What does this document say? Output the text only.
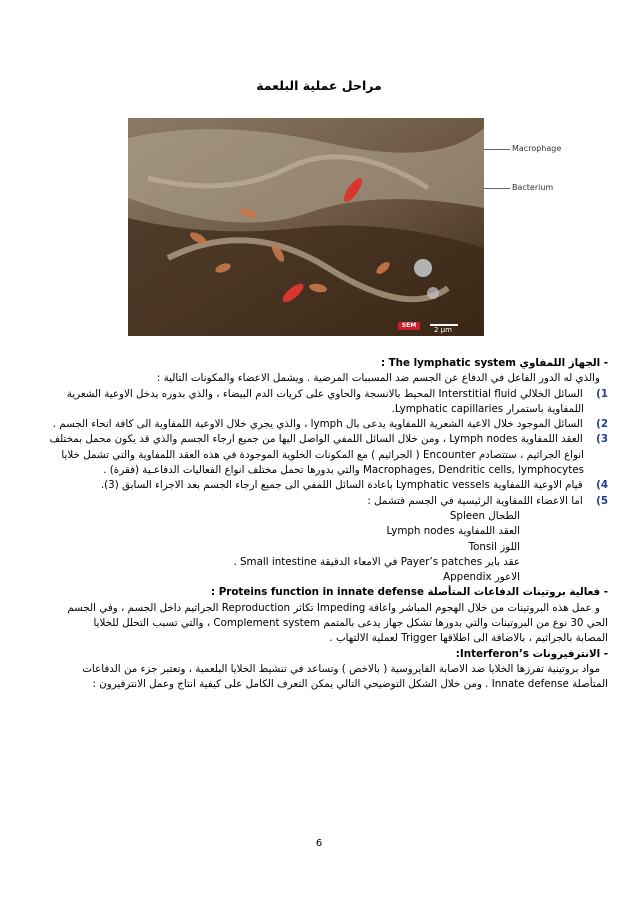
مراحل عملية البلعمة
SEM
2 μm
Macrophage
Bacterium
- الجهاز اللمفاوي The lymphatic system :
والذي له الدور الفاعل في الدفاع عن الجسم ضد المسببات المرضية . ويشمل الاعضاء والمكونات التالية :
1) السائل الخلالي Interstitial fluid المحيط بالانسجة والحاوي على كريات الدم البيضاء ، والذي بدوره يدخل الاوعية الشعرية
اللمفاوية باستمرار Lymphatic capillaries.
2) السائل الموجود خلال الاعية الشعرية اللمفاوية يدعى بال lymph ، والذي يجري خلال الاوعية اللمفاوية الى كافة انحاء الجسم .
3) العقد اللمفاوية Lymph nodes ، ومن خلال السائل اللمفي الواصل اليها من جميع ارجاء الجسم والذي قد يكون محمل بمختلف
انواع الجراثيم ، ستتصادم Encounter ( الجراثيم ) مع المكونات الخلوية الموجودة في هذه العقد اللمفاوية والتي تشمل خلايا
Macrophages, Dendritic cells, lymphocytes والتي بدورها تحمل مختلف انواع الفعاليات الدفاعـية (فقرة) .
4) قيام الاوعية اللمفاوية Lymphatic vessels باعادة السائل اللمفي الى جميع ارجاء الجسم بعد الاجراء السابق (3).
5) اما الاعضاء اللمفاوية الرئيسية في الجسم فتشمل :
● الطحال Spleen
● العقد اللمفاوية Lymph nodes
● اللوز Tonsil
● عقد باير Payer’s patches في الامعاء الدقيقة Small intestine .
● الاعور Appendix
- فعالية بروتينات الدفاعات المتأصلة Proteins function in innate defense :
و عمل هذه البروتينات من خلال الهجوم المباشر واعاقة Impeding تكاثر Reproduction الجراثيم داخل الجسم ، وفي الجسم
الحي 30 نوع من البروتينات والتي بدورها تشكل جهاز يدعى بالمتمم Complement system ، والتي تسبب التحلل للخلايا
المصابة بالجراثيم ، بالاضافة الى اطلاقها Trigger لعملية الالتهاب .
- الانترفيرونات Interferon’s:
مواد بروتينية تفرزها الخلايا ضد الاصابة الفايروسية ( بالاخص ) وتساعد في تنشيط الخلايا البلعمية ، وتعتبر جزء من الدفاعات
المتأصلة Innate defense . ومن خلال الشكل التوضيحي التالي يمكن التعرف الكامل على كيفية انتاج وعمل الانترفيرون :
6
